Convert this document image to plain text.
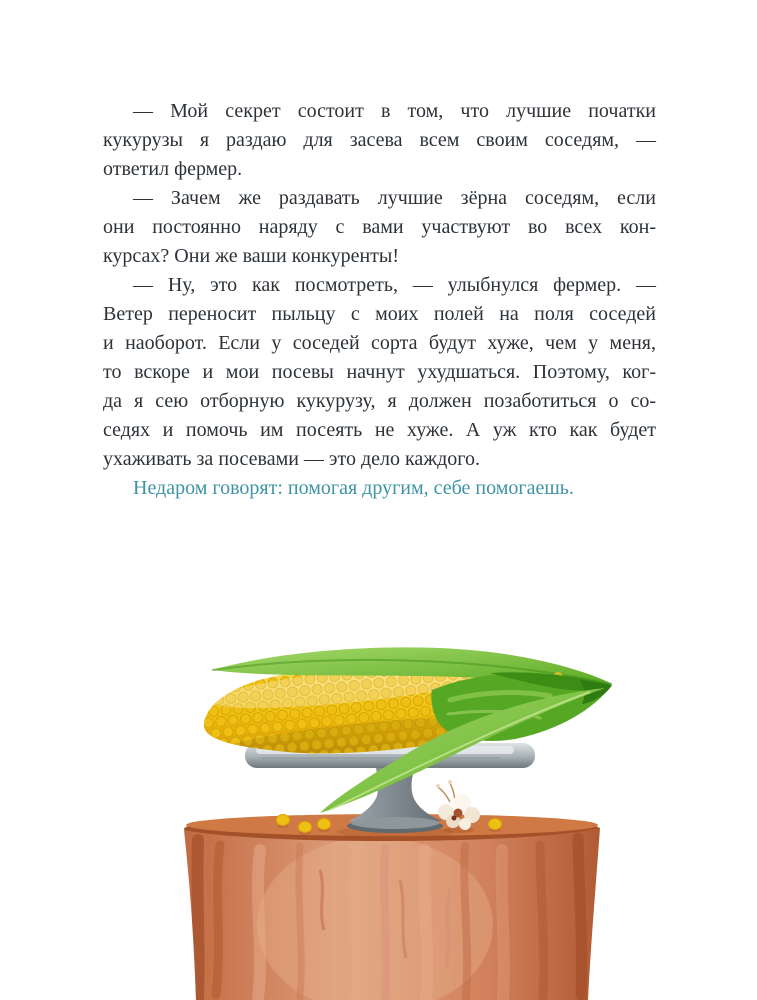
— Мой секрет состоит в том, что лучшие початки
кукурузы я раздаю для засева всем своим соседям, —
ответил фермер.

— Зачем же раздавать лучшие зёрна соседям, если
они постоянно наряду с вами участвуют во всех кон-
курсах? Они же ваши конкуренты!

— Ну, это как посмотреть, — улыбнулся фермер. —
Ветер переносит пыльцу с моих полей на поля соседей
и наоборот. Если у соседей сорта будут хуже, чем у меня,
то вскоре и мои посевы начнут ухудшаться. Поэтому, ког-
да я сею отборную кукурузу, я должен позаботиться о со-
седях и помочь им посеять не хуже. А уж кто как будет
ухаживать за посевами — это дело каждого.

Недаром говорят: помогая другим, себе помогаешь.
